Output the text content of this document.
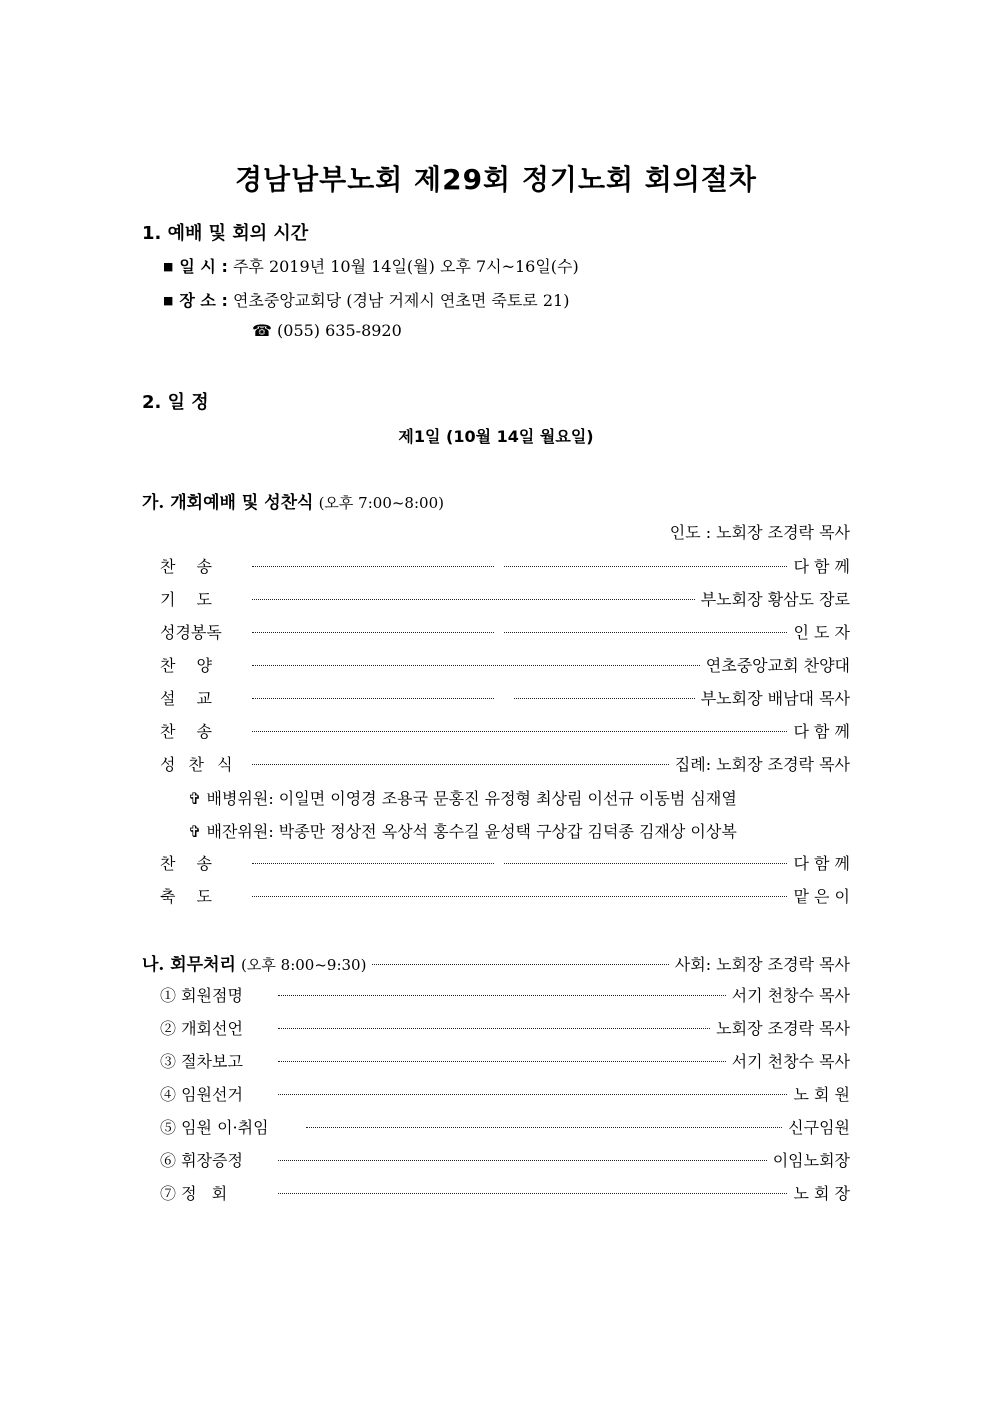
경남남부노회 제29회 정기노회 회의절차
1. 예배 및 회의 시간
■ 일 시 : 주후 2019년 10월 14일(월) 오후 7시~16일(수)
■ 장 소 : 연초중앙교회당 (경남 거제시 연초면 죽토로 21)
☎ (055) 635-8920
2. 일 정
제1일 (10월 14일 월요일)
가. 개회예배 및 성찬식 (오후 7:00~8:00)
인도 : 노회장 조경락 목사
찬 송	다 함 께
기 도	부노회장 황삼도 장로
성경봉독	인 도 자
찬 양	연초중앙교회 찬양대
설 교	부노회장 배남대 목사
찬 송	다 함 께
성 찬 식	집례: 노회장 조경락 목사
✞ 배병위원: 이일면 이영경 조용국 문홍진 유정형 최상림 이선규 이동범 심재열
✞ 배잔위원: 박종만 정상전 옥상석 홍수길 윤성택 구상갑 김덕종 김재상 이상복
찬 송	다 함 께
축 도	맡 은 이
나. 회무처리 (오후 8:00~9:30)	사회: 노회장 조경락 목사
① 회원점명	서기 천창수 목사
② 개회선언	노회장 조경락 목사
③ 절차보고	서기 천창수 목사
④ 임원선거	노 회 원
⑤ 임원 이·취임	신구임원
⑥ 휘장증정	이임노회장
⑦ 정   회	노 회 장
